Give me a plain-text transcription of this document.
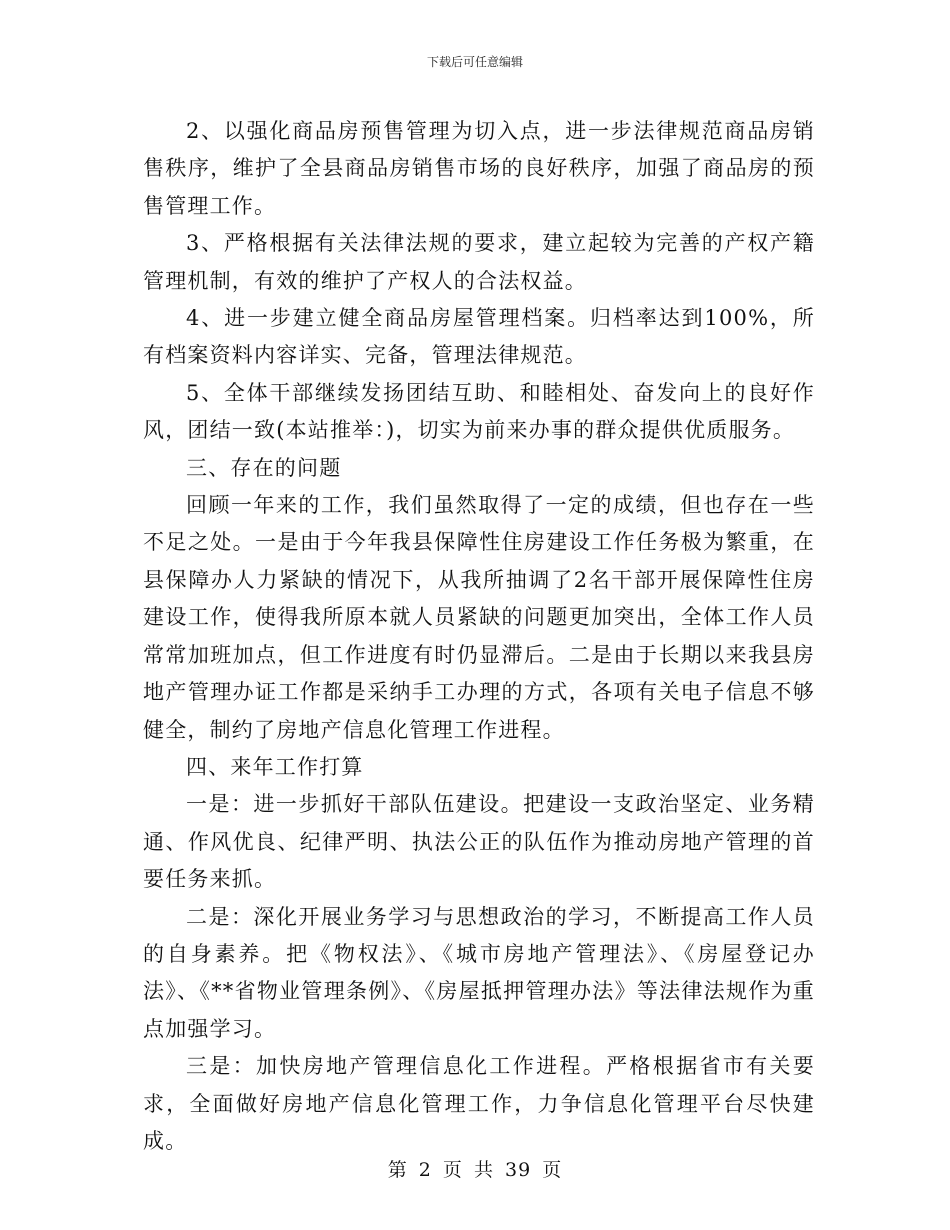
下载后可任意编辑

2、以强化商品房预售管理为切入点，进一步法律规范商品房销售秩序，维护了全县商品房销售市场的良好秩序，加强了商品房的预售管理工作。

3、严格根据有关法律法规的要求，建立起较为完善的产权产籍管理机制，有效的维护了产权人的合法权益。

4、进一步建立健全商品房屋管理档案。归档率达到100%，所有档案资料内容详实、完备，管理法律规范。

5、全体干部继续发扬团结互助、和睦相处、奋发向上的良好作风，团结一致(本站推举：)，切实为前来办事的群众提供优质服务。

三、存在的问题

回顾一年来的工作，我们虽然取得了一定的成绩，但也存在一些不足之处。一是由于今年我县保障性住房建设工作任务极为繁重，在县保障办人力紧缺的情况下，从我所抽调了2名干部开展保障性住房建设工作，使得我所原本就人员紧缺的问题更加突出，全体工作人员常常加班加点，但工作进度有时仍显滞后。二是由于长期以来我县房地产管理办证工作都是采纳手工办理的方式，各项有关电子信息不够健全，制约了房地产信息化管理工作进程。

四、来年工作打算

一是：进一步抓好干部队伍建设。把建设一支政治坚定、业务精通、作风优良、纪律严明、执法公正的队伍作为推动房地产管理的首要任务来抓。

二是：深化开展业务学习与思想政治的学习，不断提高工作人员的自身素养。把《物权法》、《城市房地产管理法》、《房屋登记办法》、《**省物业管理条例》、《房屋抵押管理办法》等法律法规作为重点加强学习。

三是：加快房地产管理信息化工作进程。严格根据省市有关要求，全面做好房地产信息化管理工作，力争信息化管理平台尽快建成。

第 2 页 共 39 页
